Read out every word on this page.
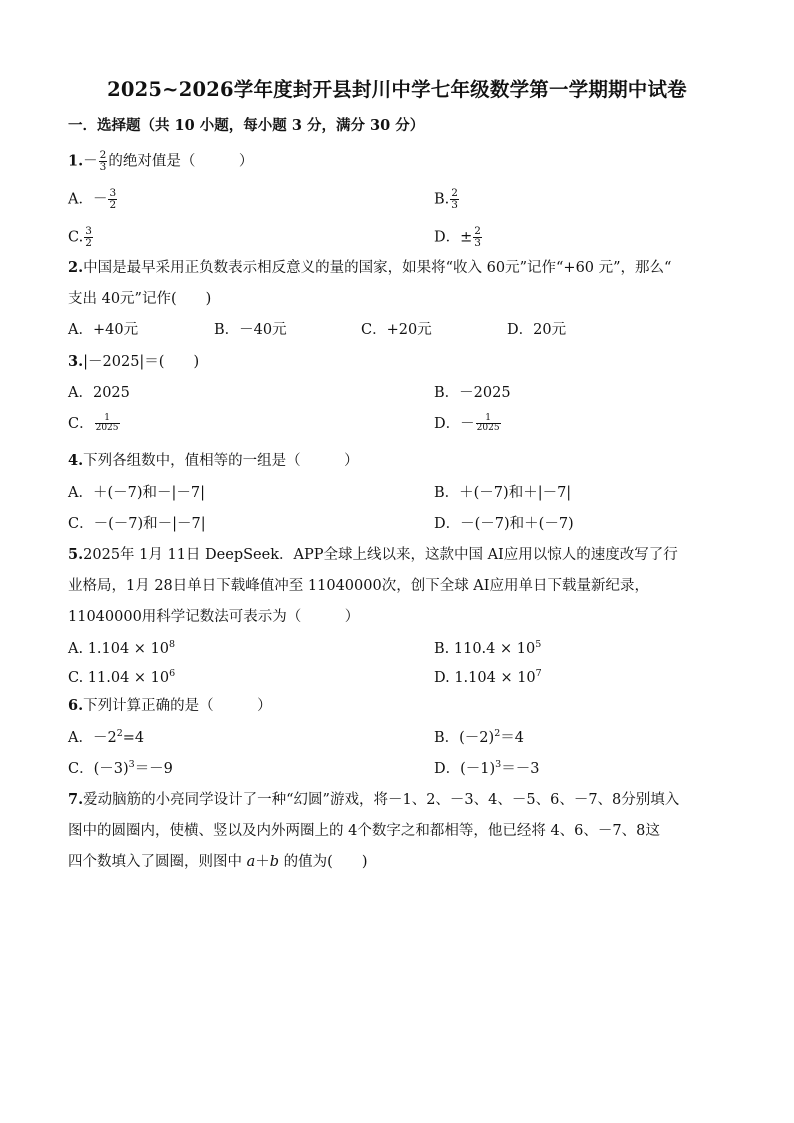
2025~2026学年度封开县封川中学七年级数学第一学期期中试卷
一．选择题（共 10 小题，每小题 3 分，满分 30 分）
$1.- \frac{2}{3}$ 的绝对值是（　　　）
A．－ $\frac{3}{2}$	B. $\frac{2}{3}$
C. $\frac{3}{2}$	D．± $\frac{2}{3}$
2.中国是最早采用正负数表示相反意义的量的国家，如果将“收入 60元”记作“+60 元”，那么“
支出 40元”记作(　　)
A．+40元	B．－40元	C．+20元	D．20元
3.|－2025|＝(　　)
A．2025	B．－2025
C． $\frac{1}{2025}$	D．－ $\frac{1}{2025}$
4.下列各组数中，值相等的一组是（　　　）
A．＋(－7)和－|－7|	B．＋(－7)和＋|－7|
C．－(－7)和－|－7|	D．－(－7)和＋(－7)
5.2025年 1月 11日 DeepSeek．APP全球上线以来，这款中国 AI应用以惊人的速度改写了行
业格局，1月 28日单日下载峰值冲至 11040000次，创下全球 AI应用单日下载量新纪录，
11040000用科学记数法可表示为（　　　）
A. $1.104 \times 10^8$	B. $110.4 \times 10^5$
C. $11.04 \times 10^6$	D. $1.104 \times 10^7$
6.下列计算正确的是（　　　）
A．$-2^2=4$	B．$(-2)^2=4$
C．$(-3)^3=-9$	D．$(-1)^3=-3$
7.爱动脑筋的小亮同学设计了一种“幻圆”游戏，将－1、2、－3、4、－5、6、－7、8分别填入
图中的圆圈内，使横、竖以及内外两圈上的 4个数字之和都相等，他已经将 4、6、－7、8这
四个数填入了圆圈，则图中 a＋b 的值为(　　)
